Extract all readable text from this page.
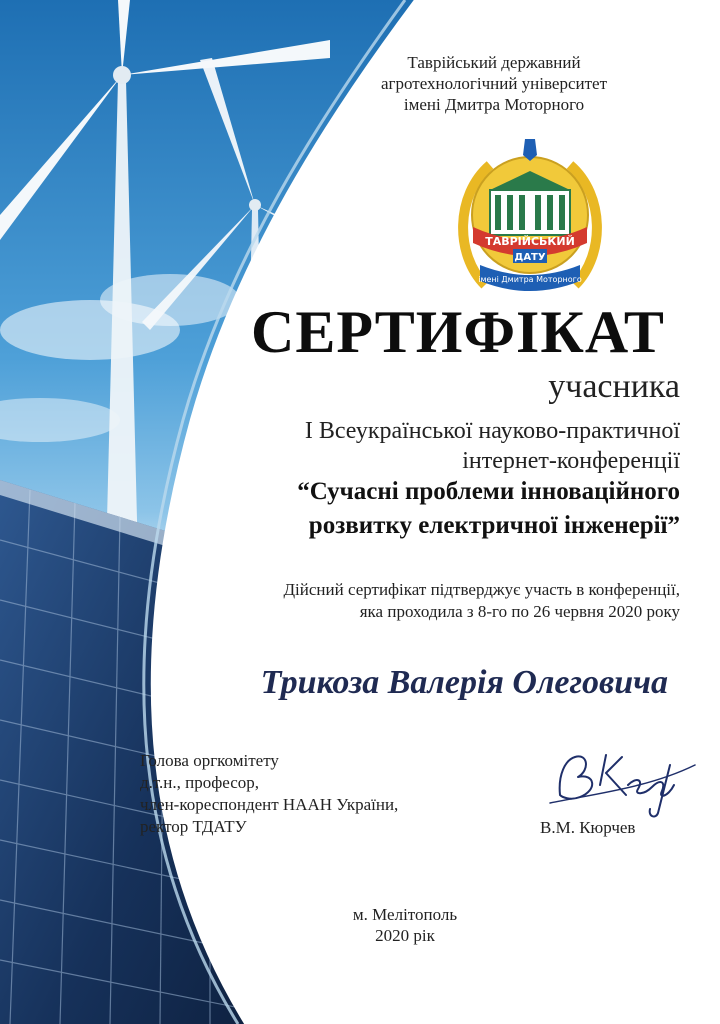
Таврійський державний
агротехнологічний університет
імені Дмитра Моторного
ТАВРІЙСЬКИЙ
ДАТУ
імені Дмитра Моторного
СЕРТИФІКАТ
учасника
І Всеукраїнської науково-практичної
інтернет-конференції
“Сучасні проблеми інноваційного
розвитку електричної інженерії”
Дійсний сертифікат підтверджує участь в конференції,
яка проходила з 8-го по 26 червня 2020 року
Трикоза Валерія Олеговича
Голова оргкомітету
д.т.н., професор,
член-кореспондент НААН України,
ректор ТДАТУ	В.М. Кюрчев
м. Мелітополь
2020 рік
